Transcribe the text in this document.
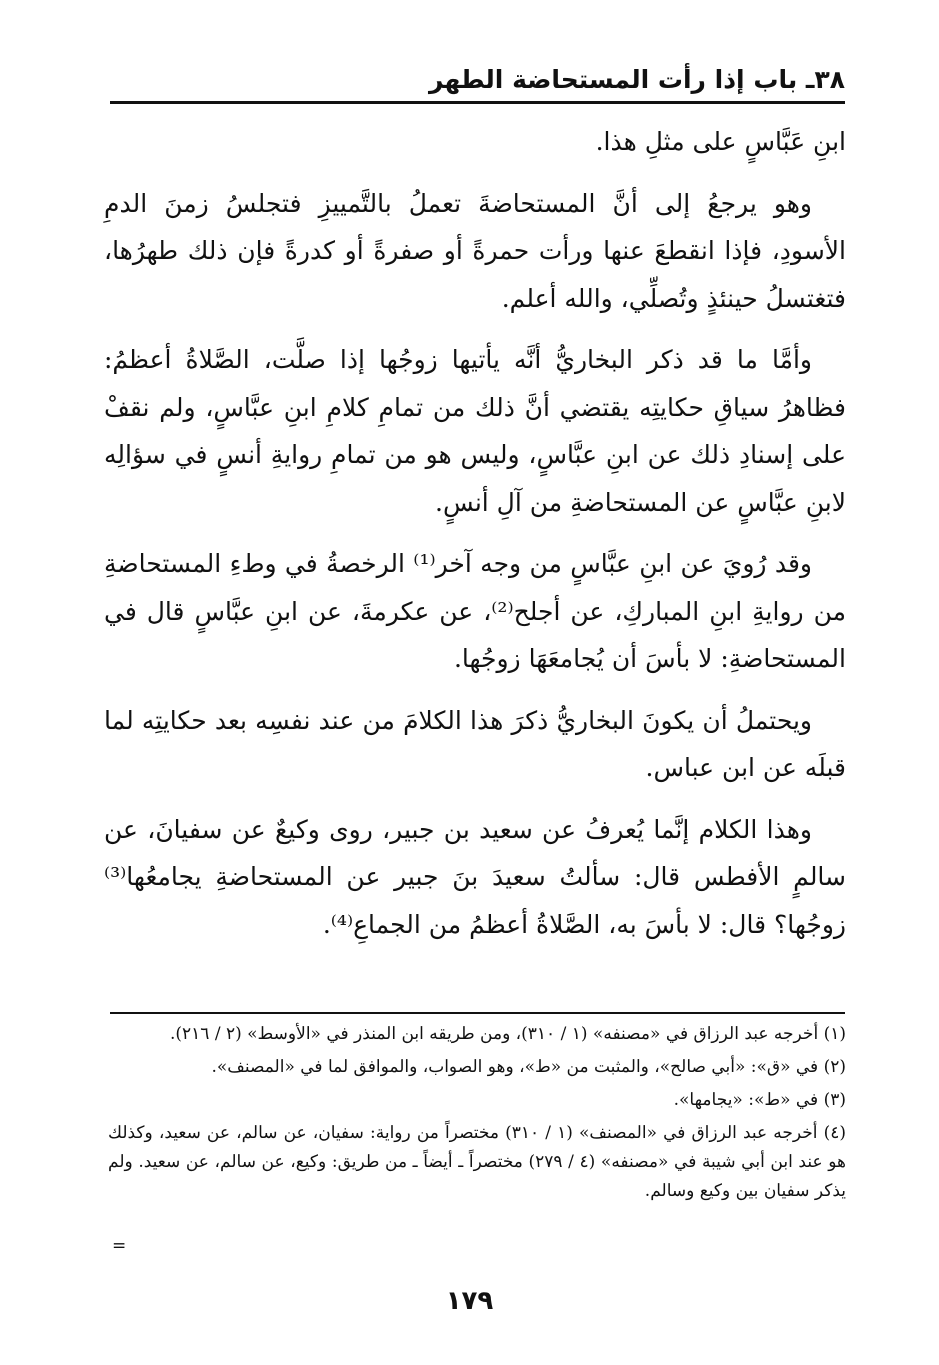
٣٨ـ باب إذا رأت المستحاضة الطهر

ابنِ عَبَّاسٍ على مثلِ هذا.

وهو يرجعُ إلى أنَّ المستحاضةَ تعملُ بالتَّمييزِ فتجلسُ زمنَ الدمِ الأسودِ، فإذا انقطعَ عنها ورأت حمرةً أو صفرةً أو كدرةً فإن ذلك طهرُها، فتغتسلُ حينئذٍ وتُصلِّي، والله أعلم.

وأمَّا ما قد ذكر البخاريُّ أنَّه يأتيها زوجُها إذا صلَّت، الصَّلاةُ أعظمُ: فظاهرُ سياقِ حكايتِه يقتضي أنَّ ذلك من تمامِ كلامِ ابنِ عبَّاسٍ، ولم نقفْ على إسنادِ ذلك عن ابنِ عبَّاسٍ، وليس هو من تمامِ روايةِ أنسٍ في سؤالِه لابنِ عبَّاسٍ عن المستحاضةِ من آلِ أنسٍ.

وقد رُويَ عن ابنِ عبَّاسٍ من وجه آخر⁽¹⁾ الرخصةُ في وطءِ المستحاضةِ من روايةِ ابنِ المباركِ، عن أجلح⁽²⁾، عن عكرمةَ، عن ابنِ عبَّاسٍ قال في المستحاضةِ: لا بأسَ أن يُجامعَهَا زوجُها.

ويحتملُ أن يكونَ البخاريُّ ذكرَ هذا الكلامَ من عند نفسِه بعد حكايتِه لما قبلَه عن ابن عباس.

وهذا الكلام إنَّما يُعرفُ عن سعيد بن جبير، روى وكيعٌ عن سفيانَ، عن سالمٍ الأفطس قال: سألتُ سعيدَ بنَ جبير عن المستحاضةِ يجامعُها⁽³⁾ زوجُها؟ قال: لا بأسَ به، الصَّلاةُ أعظمُ من الجماعِ⁽⁴⁾.

(١) أخرجه عبد الرزاق في «مصنفه» (١ / ٣١٠)، ومن طريقه ابن المنذر في «الأوسط» (٢ / ٢١٦).

(٢) في «ق»: «أبي صالح»، والمثبت من «ط»، وهو الصواب، والموافق لما في «المصنف».

(٣) في «ط»: «يجامها».

(٤) أخرجه عبد الرزاق في «المصنف» (١ / ٣١٠) مختصراً من رواية: سفيان، عن سالم، عن سعيد، وكذلك هو عند ابن أبي شيبة في «مصنفه» (٤ / ٢٧٩) مختصراً ـ أيضاً ـ من طريق: وكيع، عن سالم، عن سعيد. ولم يذكر سفيان بين وكيع وسالم.

=
١٧٩
